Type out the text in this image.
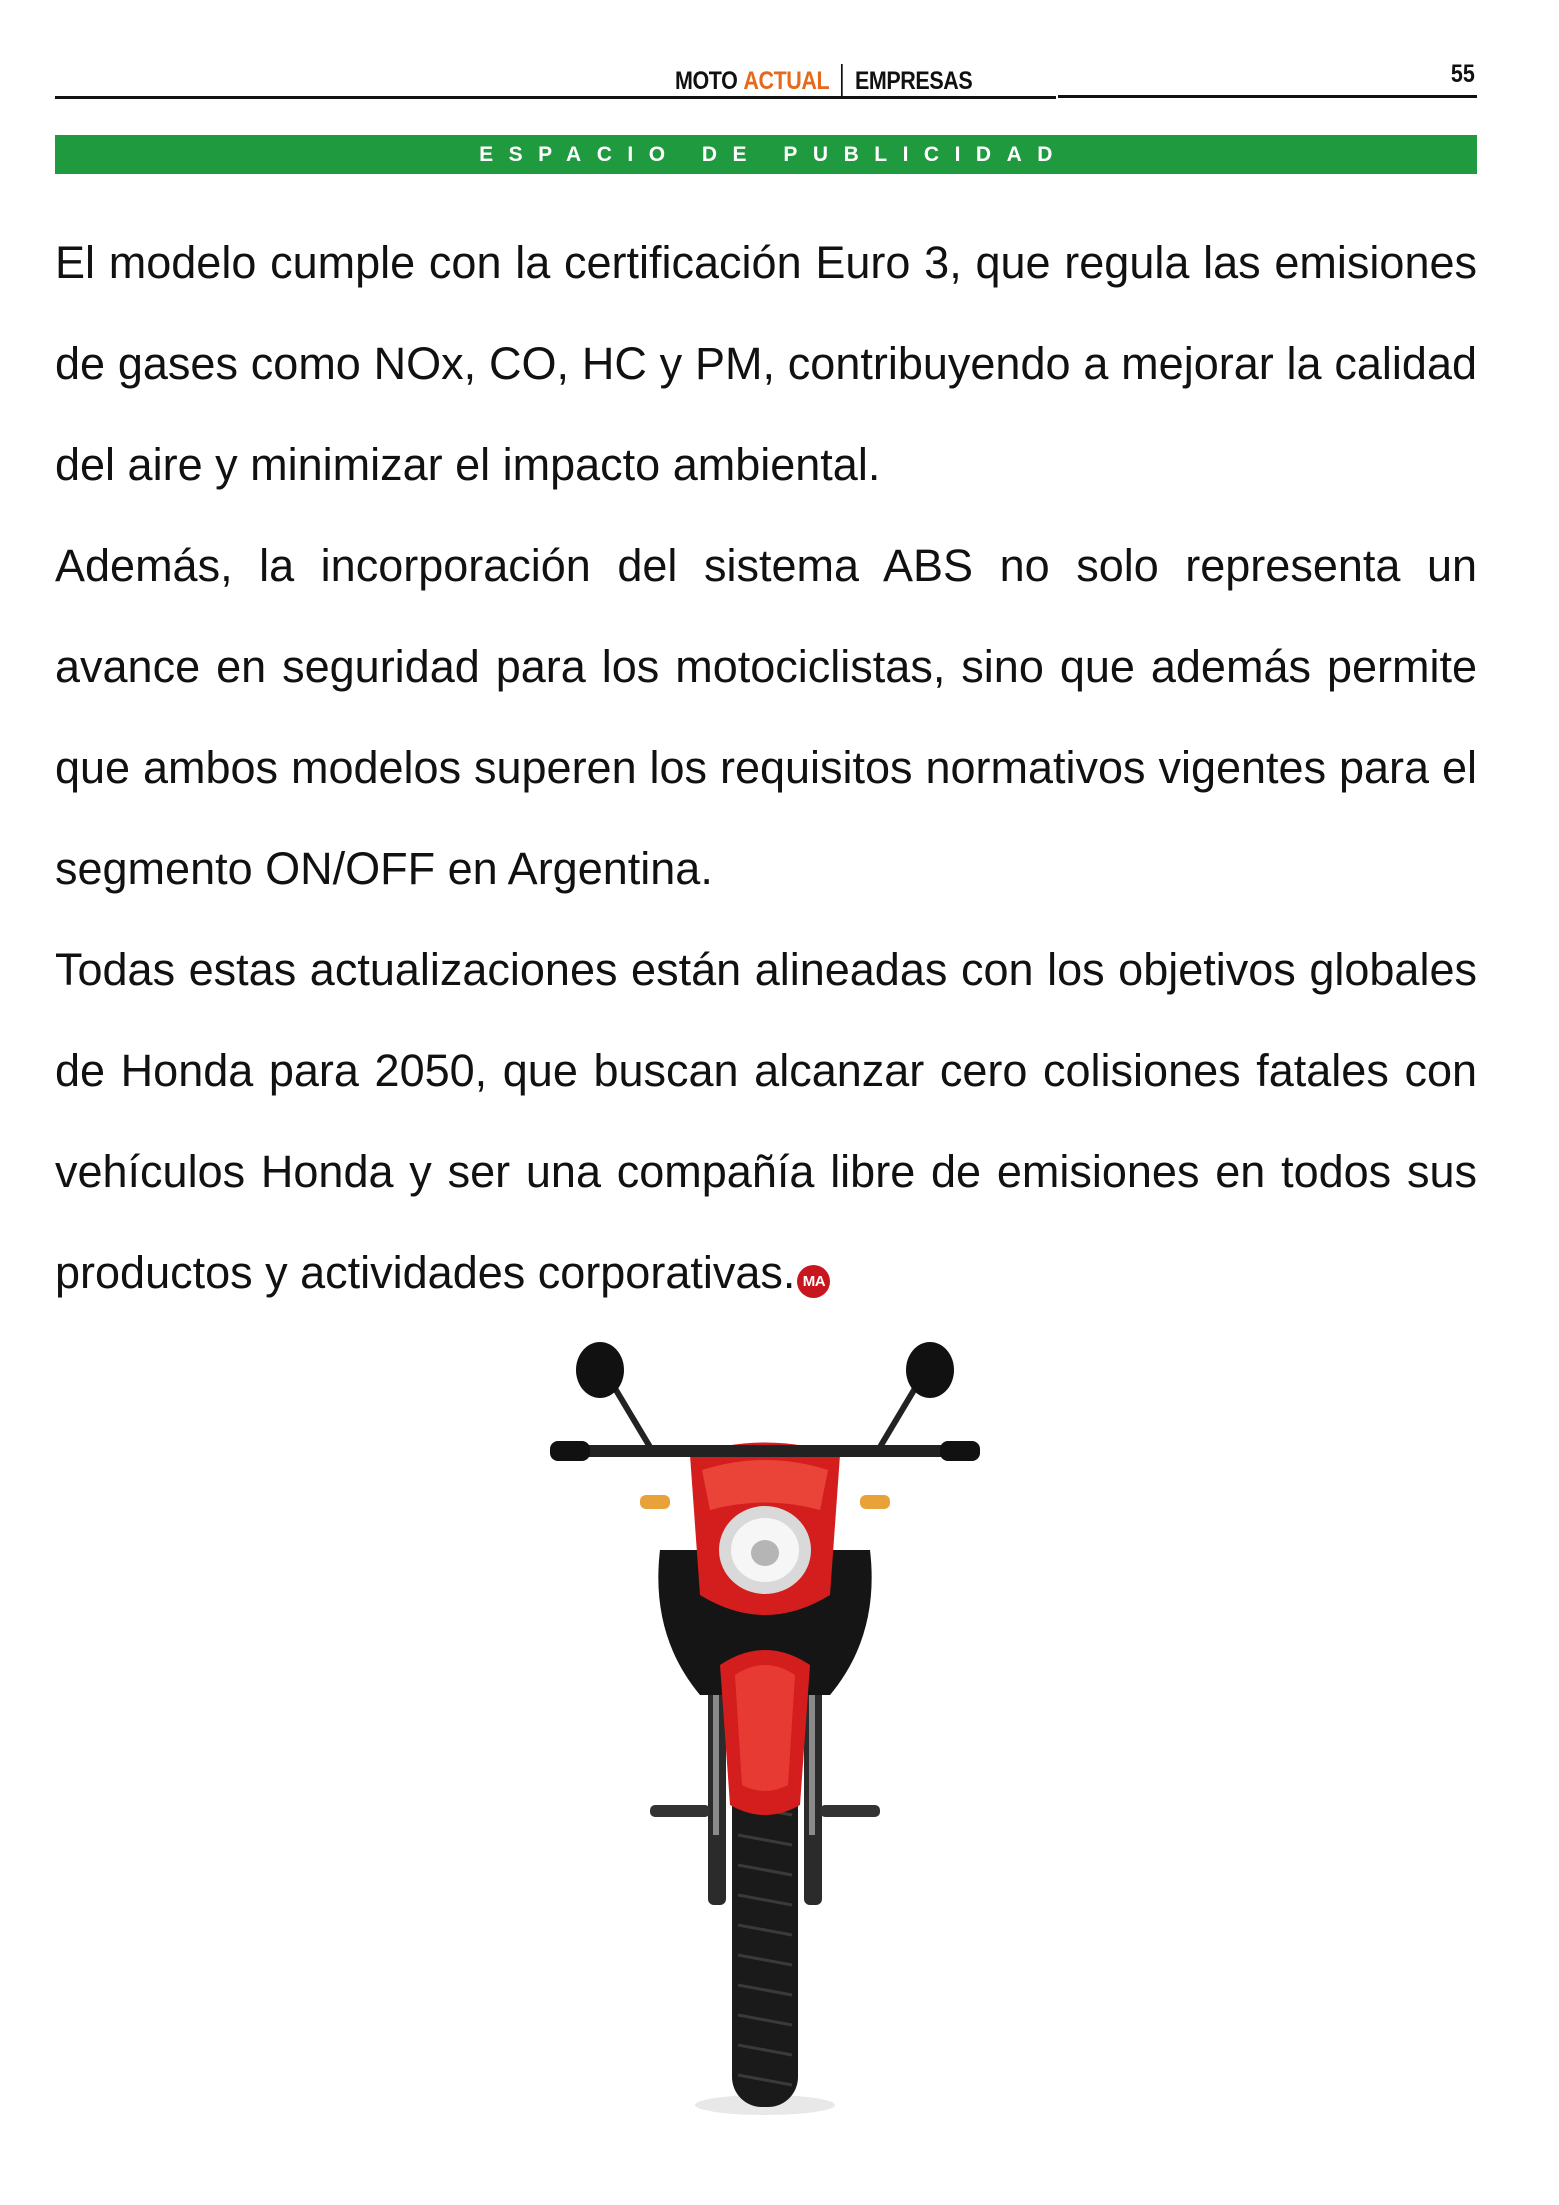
MOTO ACTUAL EMPRESAS	55
ESPACIO DE PUBLICIDAD

El modelo cumple con la certificación Euro 3, que regula las emisiones de gases como NOx, CO, HC y PM, contribuyendo a mejorar la calidad del aire y minimizar el impacto ambiental.

Además, la incorporación del sistema ABS no solo representa un avance en seguridad para los motociclistas, sino que además permite que ambos modelos superen los requisitos normativos vigentes para el segmento ON/OFF en Argentina.

Todas estas actualizaciones están alineadas con los objetivos globales de Honda para 2050, que buscan alcanzar cero colisiones fatales con vehículos Honda y ser una compañía libre de emisiones en todos sus productos y actividades corporativas. MA
